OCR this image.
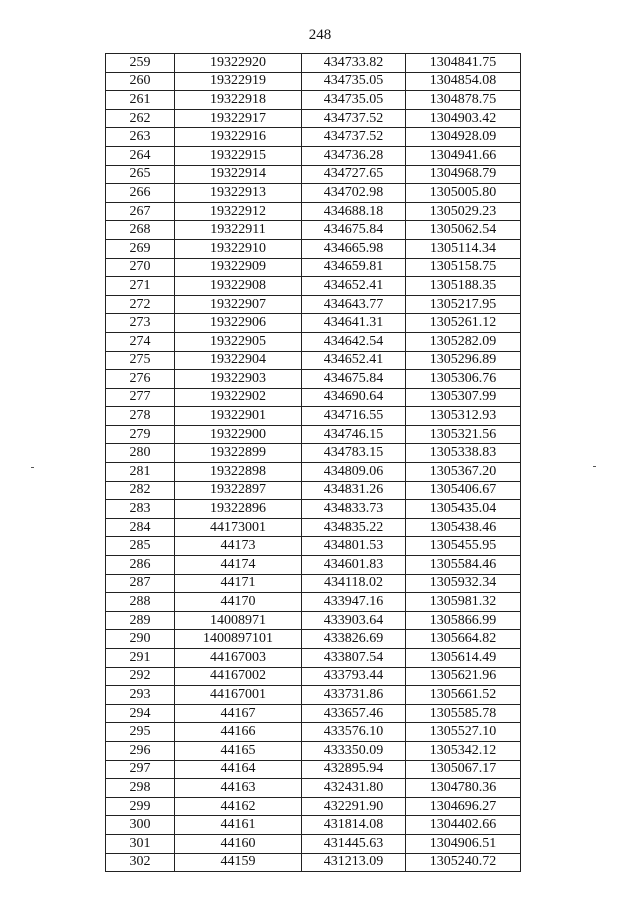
248
259	19322920	434733.82	1304841.75
260	19322919	434735.05	1304854.08
261	19322918	434735.05	1304878.75
262	19322917	434737.52	1304903.42
263	19322916	434737.52	1304928.09
264	19322915	434736.28	1304941.66
265	19322914	434727.65	1304968.79
266	19322913	434702.98	1305005.80
267	19322912	434688.18	1305029.23
268	19322911	434675.84	1305062.54
269	19322910	434665.98	1305114.34
270	19322909	434659.81	1305158.75
271	19322908	434652.41	1305188.35
272	19322907	434643.77	1305217.95
273	19322906	434641.31	1305261.12
274	19322905	434642.54	1305282.09
275	19322904	434652.41	1305296.89
276	19322903	434675.84	1305306.76
277	19322902	434690.64	1305307.99
278	19322901	434716.55	1305312.93
279	19322900	434746.15	1305321.56
280	19322899	434783.15	1305338.83
281	19322898	434809.06	1305367.20
282	19322897	434831.26	1305406.67
283	19322896	434833.73	1305435.04
284	44173001	434835.22	1305438.46
285	44173	434801.53	1305455.95
286	44174	434601.83	1305584.46
287	44171	434118.02	1305932.34
288	44170	433947.16	1305981.32
289	14008971	433903.64	1305866.99
290	1400897101	433826.69	1305664.82
291	44167003	433807.54	1305614.49
292	44167002	433793.44	1305621.96
293	44167001	433731.86	1305661.52
294	44167	433657.46	1305585.78
295	44166	433576.10	1305527.10
296	44165	433350.09	1305342.12
297	44164	432895.94	1305067.17
298	44163	432431.80	1304780.36
299	44162	432291.90	1304696.27
300	44161	431814.08	1304402.66
301	44160	431445.63	1304906.51
302	44159	431213.09	1305240.72
